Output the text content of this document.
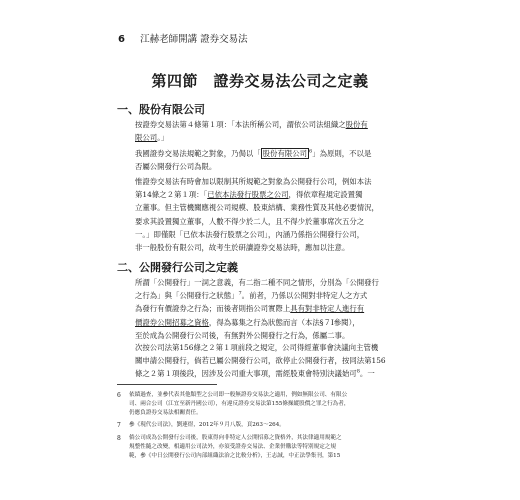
6 江赫老師開講 證券交易法
第四節　證券交易法公司之定義
一、股份有限公司
按證券交易法第４條第１項：「本法所稱公司，謂依公司法組織之股份有
限公司。」
我國證券交易法規範之對象，乃侷以「 股份有限公司 $^6$」為原則，不以是
否屬公開發行公司為限。
惟證券交易法有時會加以限制其所規範之對象為公開發行公司，例如本法
第14條之２第１項：「已依本法發行股票之公司，得依章程規定設置獨
立董事。但主管機關應視公司規模、股東結構、業務性質及其他必要情況，
要求其設置獨立董事，人數不得少於二人，且不得少於董事席次五分之
一。」即僅限「已依本法發行股票之公司」，內涵乃係指公開發行公司，
非一般股份有限公司，故考生於研讀證券交易法時，應加以注意。
二、公開發行公司之定義
所謂「公開發行」一詞之意義，有二指二種不同之情形，分別為「公開發行
之行為」與「公開發行之狀態」$^7$。前者，乃係以公開對非特定人之方式
為發行有價證券之行為；而後者則指公司實際上具有對非特定人進行有
價證券公開招募之資格，得為募集之行為狀態而言（本法§７I參閱），
至於成為公開發行公司後，有無對外公開發行之行為，係屬二事。
次按公司法第156條之２第１項前段之規定，公司得經董事會決議向主管機
關申請公開發行，倘若已屬公開發行公司，欲停止公開發行者，按同法第156
條之２第１項後段，因涉及公司重大事項，需經股東會特別決議始可$^8$。一
6 依績過查，並參代表其他類型之公司即一般無證券交易法之適用，例如無限公司、有限公
司、兩合公司（江宜至新丹國公司），有違反證券交易法第155條操縱股價之罪之行為者，
仍應負證券交易法相關責任。
7 參《現代公司法》，劉連煜，2012年９月八版，頁263～264。
8 倘公司成為公開發行公司後，股東得向非特定人公開招募之資格外，其法律適用規範之
規整性隨之改變，相適用公司法外，亦須受證券交易法、企業併購法等特別規定之規
範，參《中日公開發行公司內部組織法治之比較分析》，王志誠，中正法學集刊，第15
